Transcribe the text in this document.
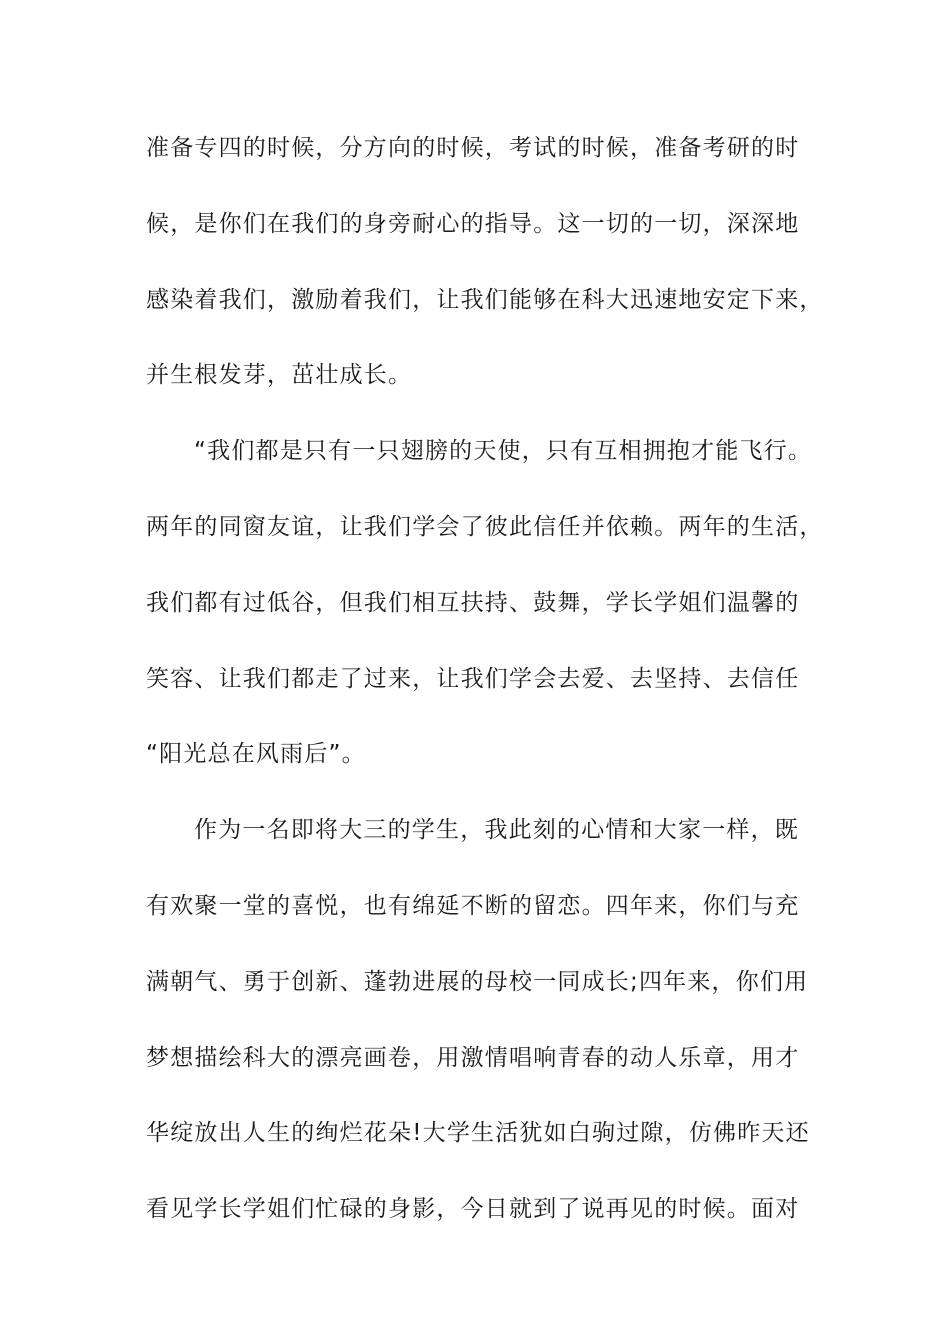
准备专四的时候，分方向的时候，考试的时候，准备考研的时
候，是你们在我们的身旁耐心的指导。这一切的一切，深深地
感染着我们，激励着我们，让我们能够在科大迅速地安定下来，
并生根发芽，茁壮成长。
“我们都是只有一只翅膀的天使，只有互相拥抱才能飞行。
两年的同窗友谊，让我们学会了彼此信任并依赖。两年的生活，
我们都有过低谷，但我们相互扶持、鼓舞，学长学姐们温馨的
笑容、让我们都走了过来，让我们学会去爱、去坚持、去信任
“阳光总在风雨后”。
作为一名即将大三的学生，我此刻的心情和大家一样，既
有欢聚一堂的喜悦，也有绵延不断的留恋。四年来，你们与充
满朝气、勇于创新、蓬勃进展的母校一同成长;四年来，你们用
梦想描绘科大的漂亮画卷，用激情唱响青春的动人乐章，用才
华绽放出人生的绚烂花朵!大学生活犹如白驹过隙，仿佛昨天还
看见学长学姐们忙碌的身影，今日就到了说再见的时候。面对
